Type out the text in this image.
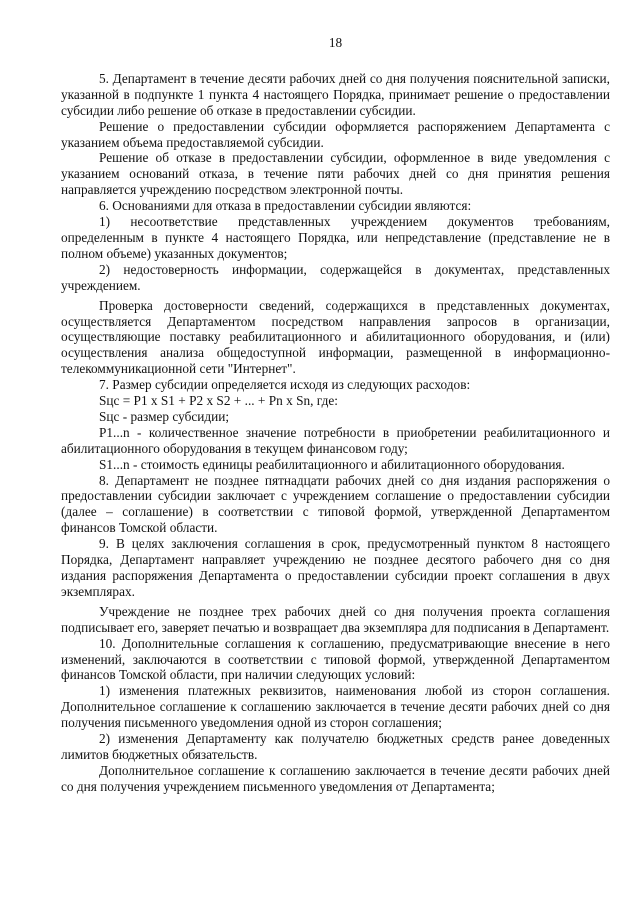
18

5. Департамент в течение десяти рабочих дней со дня получения пояснительной записки, указанной в подпункте 1 пункта 4 настоящего Порядка, принимает решение о предоставлении субсидии либо решение об отказе в предоставлении субсидии.

Решение о предоставлении субсидии оформляется распоряжением Департамента с указанием объема предоставляемой субсидии.

Решение об отказе в предоставлении субсидии, оформленное в виде уведомления с указанием оснований отказа, в течение пяти рабочих дней со дня принятия решения направляется учреждению посредством электронной почты.

6. Основаниями для отказа в предоставлении субсидии являются:

1) несоответствие представленных учреждением документов требованиям, определенным в пункте 4 настоящего Порядка, или непредставление (представление не в полном объеме) указанных документов;

2) недостоверность информации, содержащейся в документах, представленных учреждением.

Проверка достоверности сведений, содержащихся в представленных документах, осуществляется Департаментом посредством направления запросов в организации, осуществляющие поставку реабилитационного и абилитационного оборудования, и (или) осуществления анализа общедоступной информации, размещенной в информационно-телекоммуникационной сети "Интернет".

7. Размер субсидии определяется исходя из следующих расходов:

Sцс = P1 x S1 + P2 x S2 + ... + Pn x Sn, где:

Sцс - размер субсидии;

P1...n - количественное значение потребности в приобретении реабилитационного и абилитационного оборудования в текущем финансовом году;

S1...n - стоимость единицы реабилитационного и абилитационного оборудования.

8. Департамент не позднее пятнадцати рабочих дней со дня издания распоряжения о предоставлении субсидии заключает с учреждением соглашение о предоставлении субсидии (далее – соглашение) в соответствии с типовой формой, утвержденной Департаментом финансов Томской области.

9. В целях заключения соглашения в срок, предусмотренный пунктом 8 настоящего Порядка, Департамент направляет учреждению не позднее десятого рабочего дня со дня издания распоряжения Департамента о предоставлении субсидии проект соглашения в двух экземплярах.

Учреждение не позднее трех рабочих дней со дня получения проекта соглашения подписывает его, заверяет печатью и возвращает два экземпляра для подписания в Департамент.

10. Дополнительные соглашения к соглашению, предусматривающие внесение в него изменений, заключаются в соответствии с типовой формой, утвержденной Департаментом финансов Томской области, при наличии следующих условий:

1) изменения платежных реквизитов, наименования любой из сторон соглашения. Дополнительное соглашение к соглашению заключается в течение десяти рабочих дней со дня получения письменного уведомления одной из сторон соглашения;

2) изменения Департаменту как получателю бюджетных средств ранее доведенных лимитов бюджетных обязательств.

Дополнительное соглашение к соглашению заключается в течение десяти рабочих дней со дня получения учреждением письменного уведомления от Департамента;
